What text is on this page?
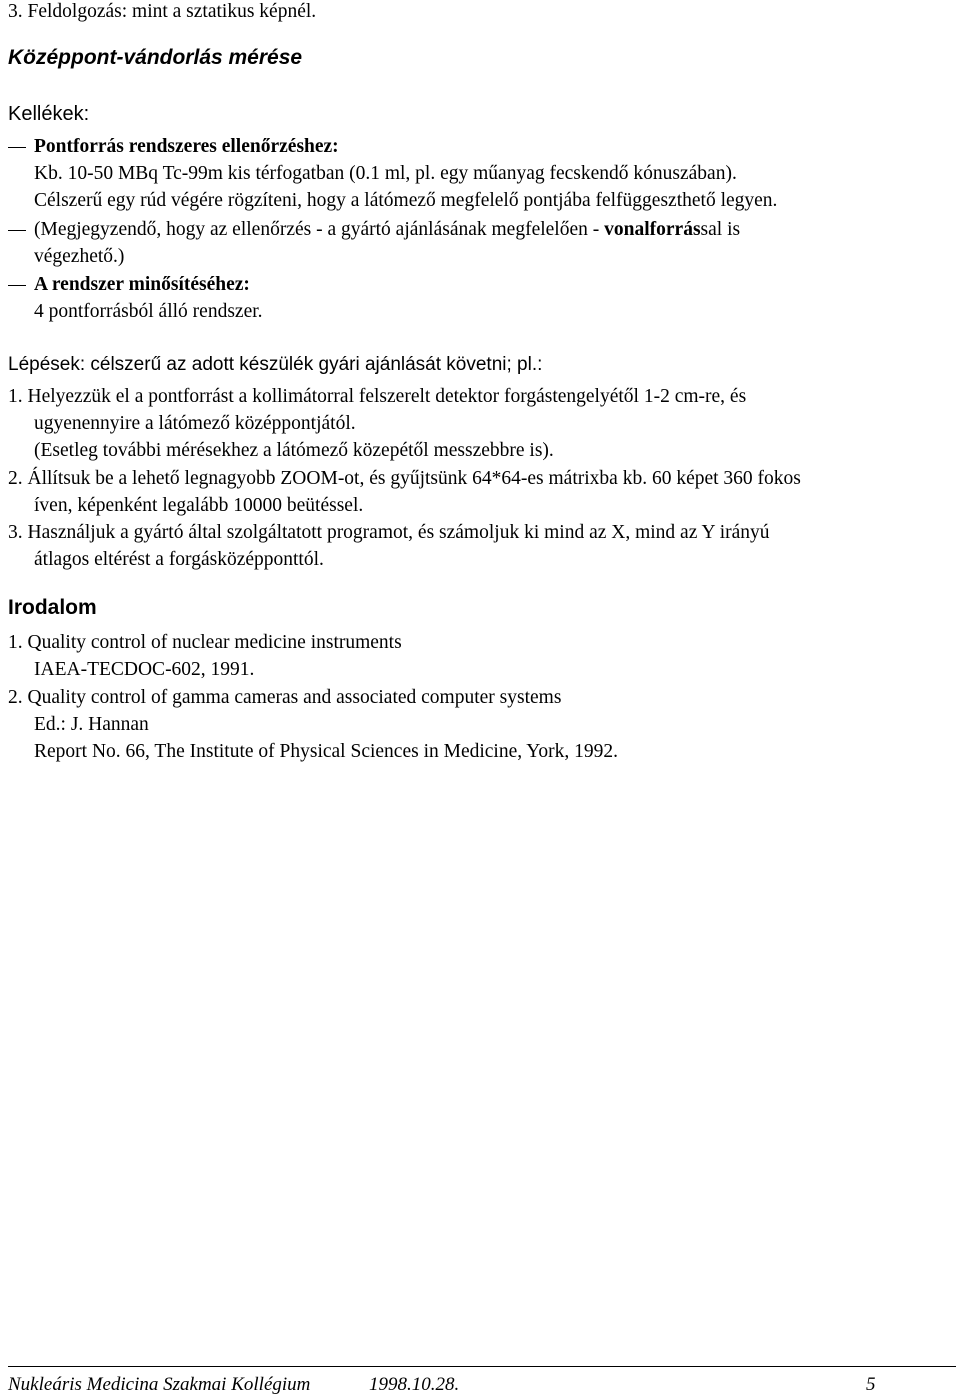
3. Feldolgozás: mint a sztatikus képnél.
Középpont-vándorlás mérése
Kellékek:
Pontforrás rendszeres ellenőrzéshez:
Kb. 10-50 MBq Tc-99m kis térfogatban (0.1 ml, pl. egy műanyag fecskendő kónuszában).
Célszerű egy rúd végére rögzíteni, hogy a látómező megfelelő pontjába felfüggeszthető legyen.
(Megjegyzendő, hogy az ellenőrzés - a gyártó ajánlásának megfelelően - vonalforrással is
végezhető.)
A rendszer minősítéséhez:
4 pontforrásból álló rendszer.
Lépések: célszerű az adott készülék gyári ajánlását követni; pl.:
1. Helyezzük el a pontforrást a kollimátorral felszerelt detektor forgástengelyétől 1-2 cm-re, és
ugyenennyire a látómező középpontjától.
(Esetleg további mérésekhez a látómező közepétől messzebbre is).
2. Állítsuk be a lehető legnagyobb ZOOM-ot, és gyűjtsünk 64*64-es mátrixba kb. 60 képet 360 fokos
íven, képenként legalább 10000 beütéssel.
3. Használjuk a gyártó által szolgáltatott programot, és számoljuk ki mind az X, mind az Y irányú
átlagos eltérést a forgásközépponttól.
Irodalom
1. Quality control of nuclear medicine instruments
IAEA-TECDOC-602, 1991.
2. Quality control of gamma cameras and associated computer systems
Ed.: J. Hannan
Report No. 66, The Institute of Physical Sciences in Medicine, York, 1992.
Nukleáris Medicina Szakmai Kollégium	1998.10.28.	5
